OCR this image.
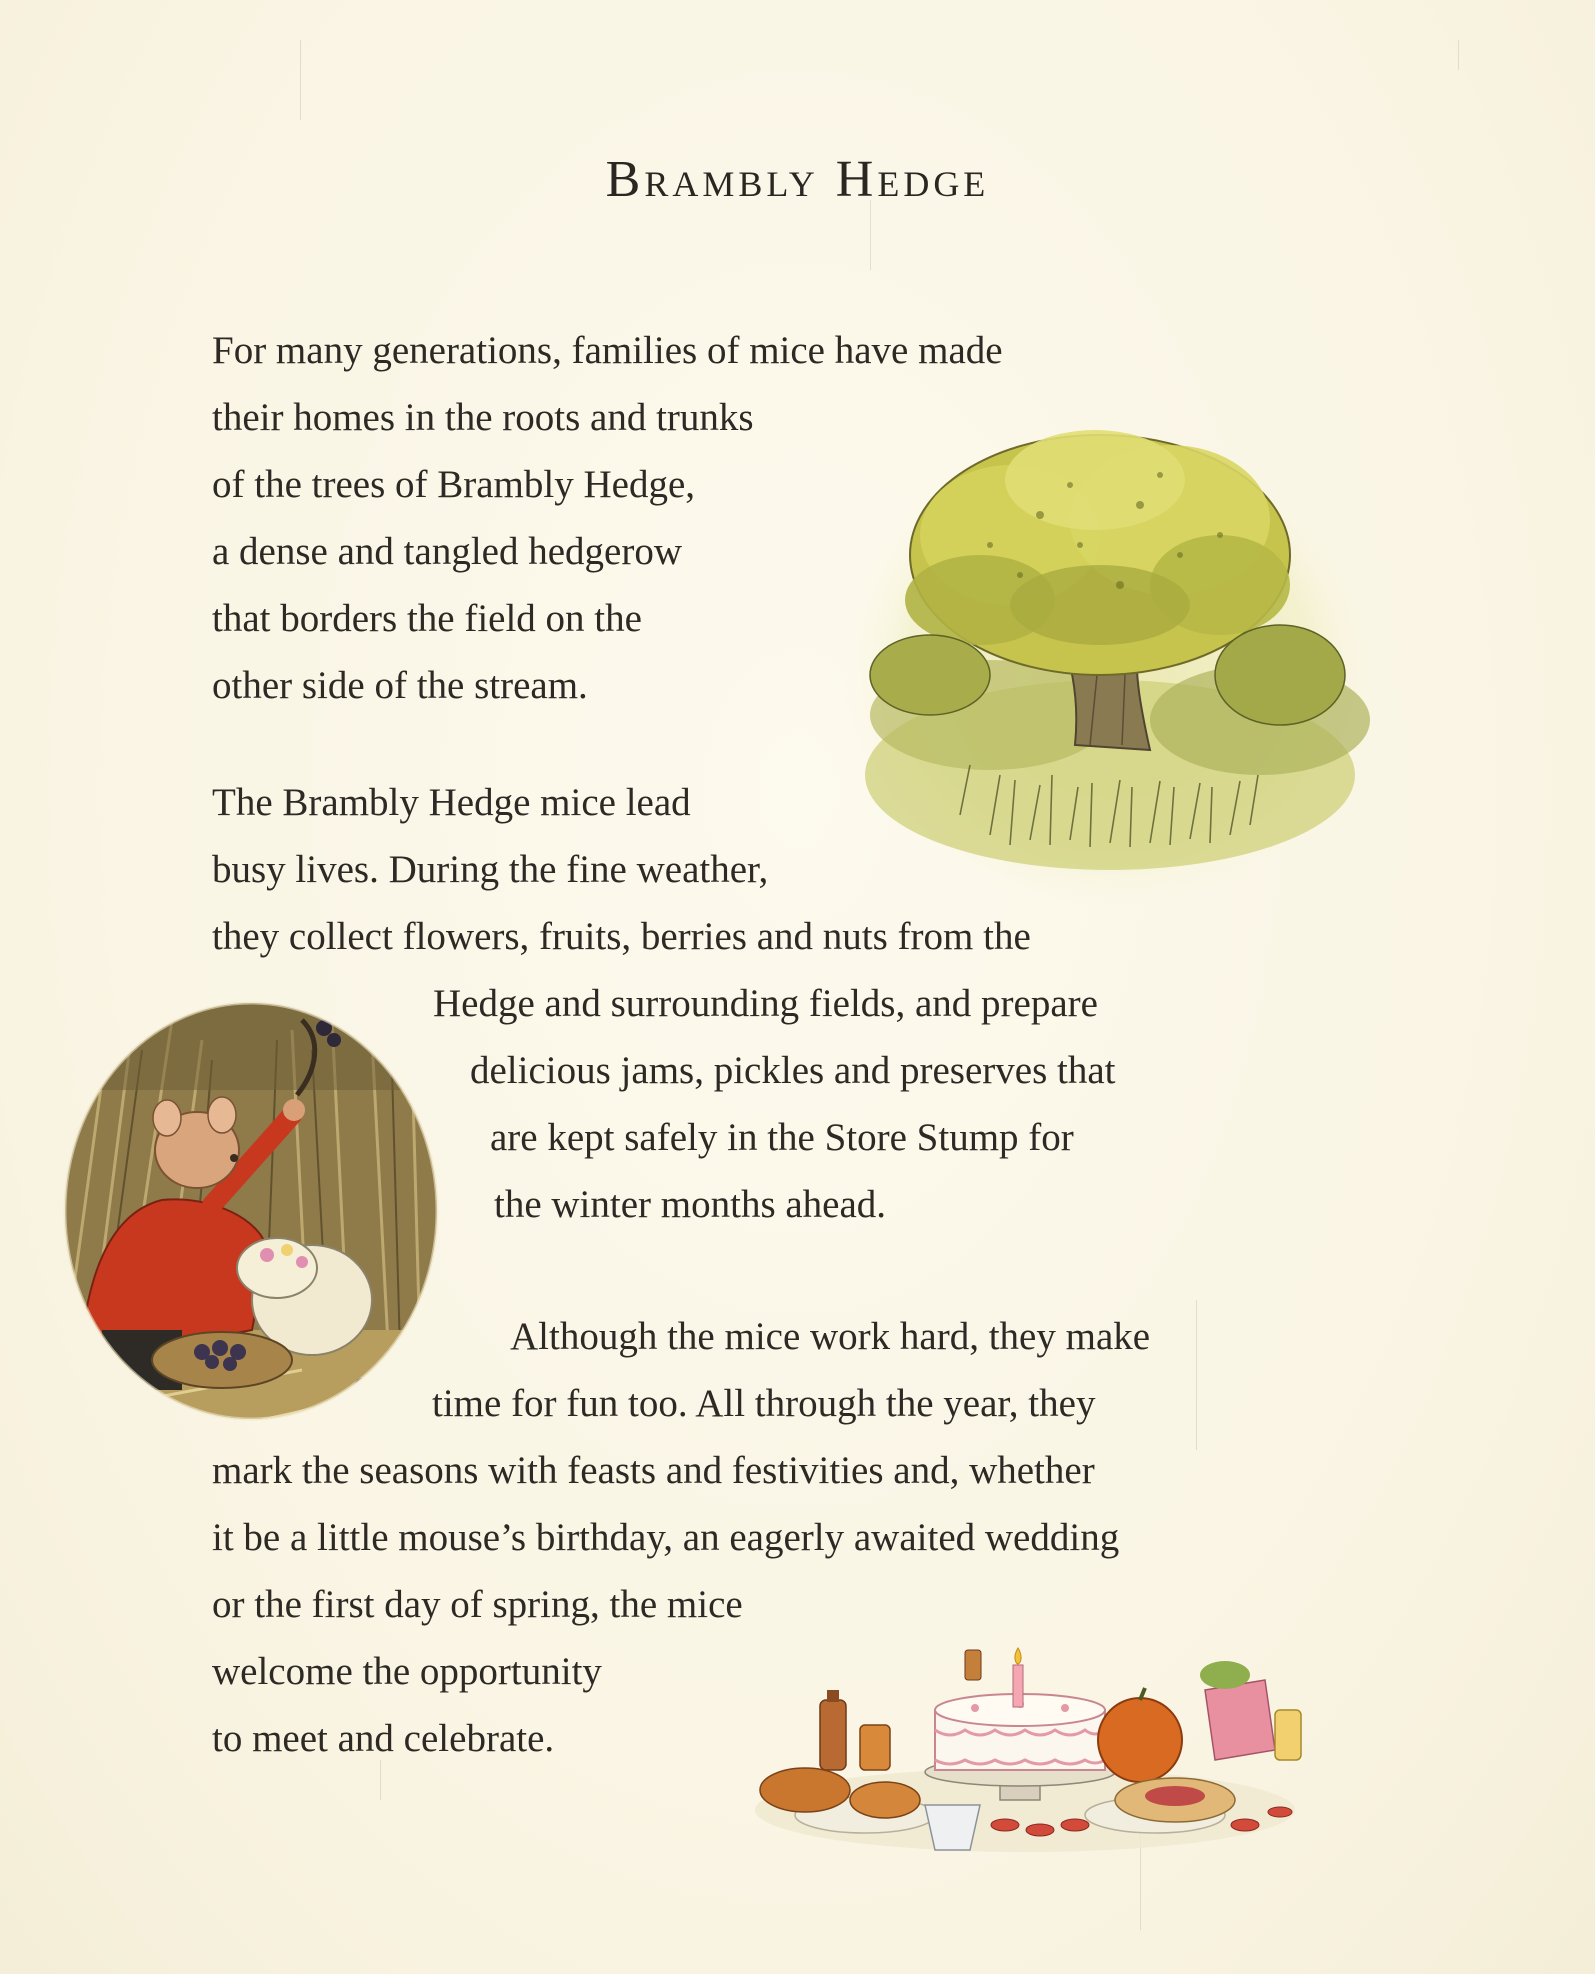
Brambly Hedge

For many generations, families of mice have made

their homes in the roots and trunks

of the trees of Brambly Hedge,

a dense and tangled hedgerow

that borders the field on the

other side of the stream.

The Brambly Hedge mice lead

busy lives. During the fine weather,

they collect flowers, fruits, berries and nuts from the

Hedge and surrounding fields, and prepare

delicious jams, pickles and preserves that

are kept safely in the Store Stump for

the winter months ahead.

Although the mice work hard, they make

time for fun too. All through the year, they

mark the seasons with feasts and festivities and, whether

it be a little mouse’s birthday, an eagerly awaited wedding

or the first day of spring, the mice

welcome the opportunity

to meet and celebrate.
